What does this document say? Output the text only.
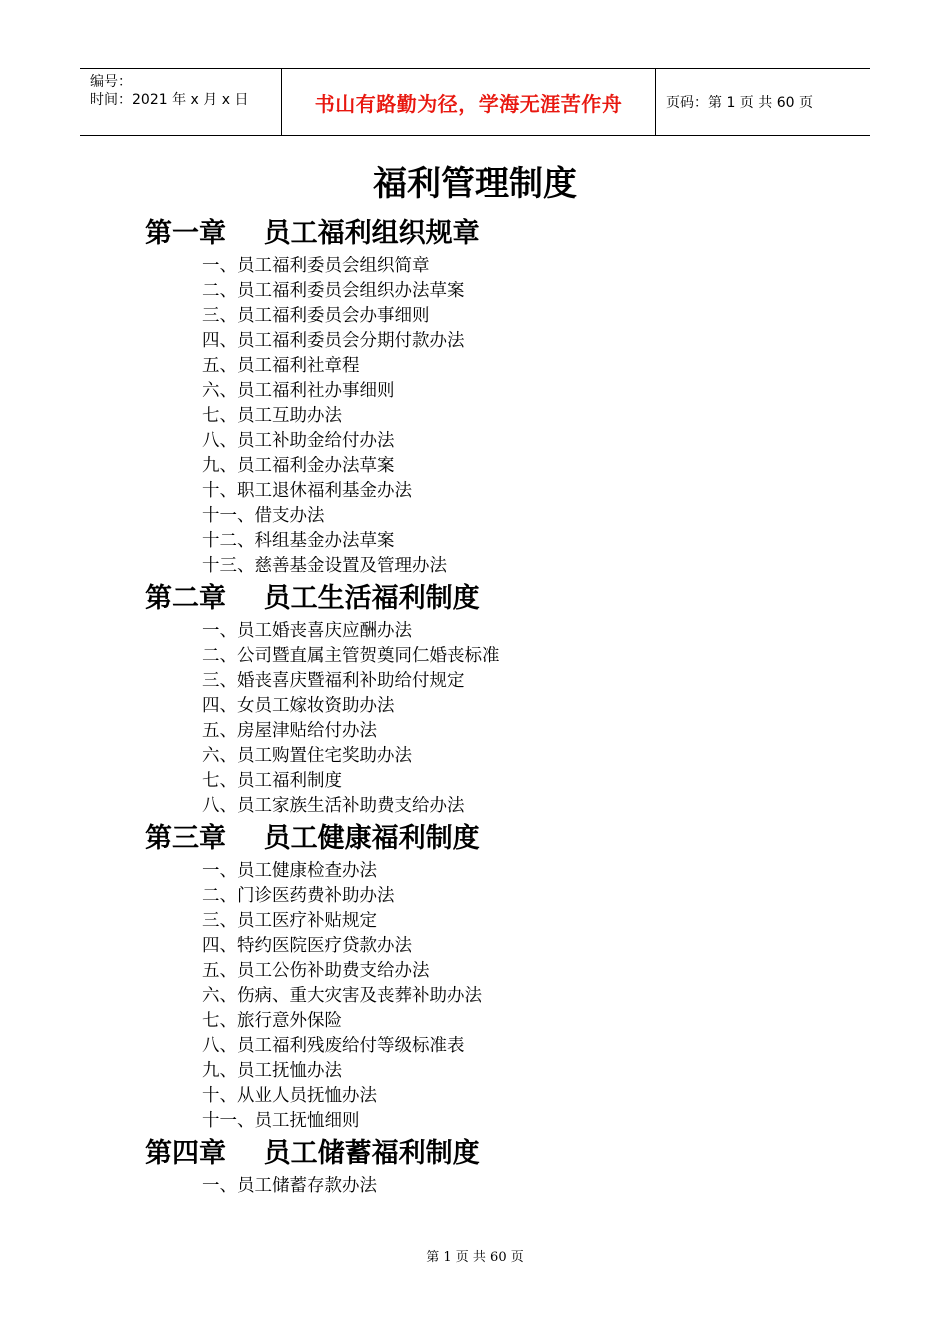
编号：
时间：2021 年 x 月 x 日	书山有路勤为径，学海无涯苦作舟	页码：第 1 页 共 60 页
福利管理制度
第一章    员工福利组织规章
一、员工福利委员会组织简章
二、员工福利委员会组织办法草案
三、员工福利委员会办事细则
四、员工福利委员会分期付款办法
五、员工福利社章程
六、员工福利社办事细则
七、员工互助办法
八、员工补助金给付办法
九、员工福利金办法草案
十、职工退休福利基金办法
十一、借支办法
十二、科组基金办法草案
十三、慈善基金设置及管理办法
第二章    员工生活福利制度
一、员工婚丧喜庆应酬办法
二、公司暨直属主管贺奠同仁婚丧标准
三、婚丧喜庆暨福利补助给付规定
四、女员工嫁妆资助办法
五、房屋津贴给付办法
六、员工购置住宅奖助办法
七、员工福利制度
八、员工家族生活补助费支给办法
第三章    员工健康福利制度
一、员工健康检查办法
二、门诊医药费补助办法
三、员工医疗补贴规定
四、特约医院医疗贷款办法
五、员工公伤补助费支给办法
六、伤病、重大灾害及丧葬补助办法
七、旅行意外保险
八、员工福利残废给付等级标准表
九、员工抚恤办法
十、从业人员抚恤办法
十一、员工抚恤细则
第四章    员工储蓄福利制度
一、员工储蓄存款办法
第 1 页 共 60 页
